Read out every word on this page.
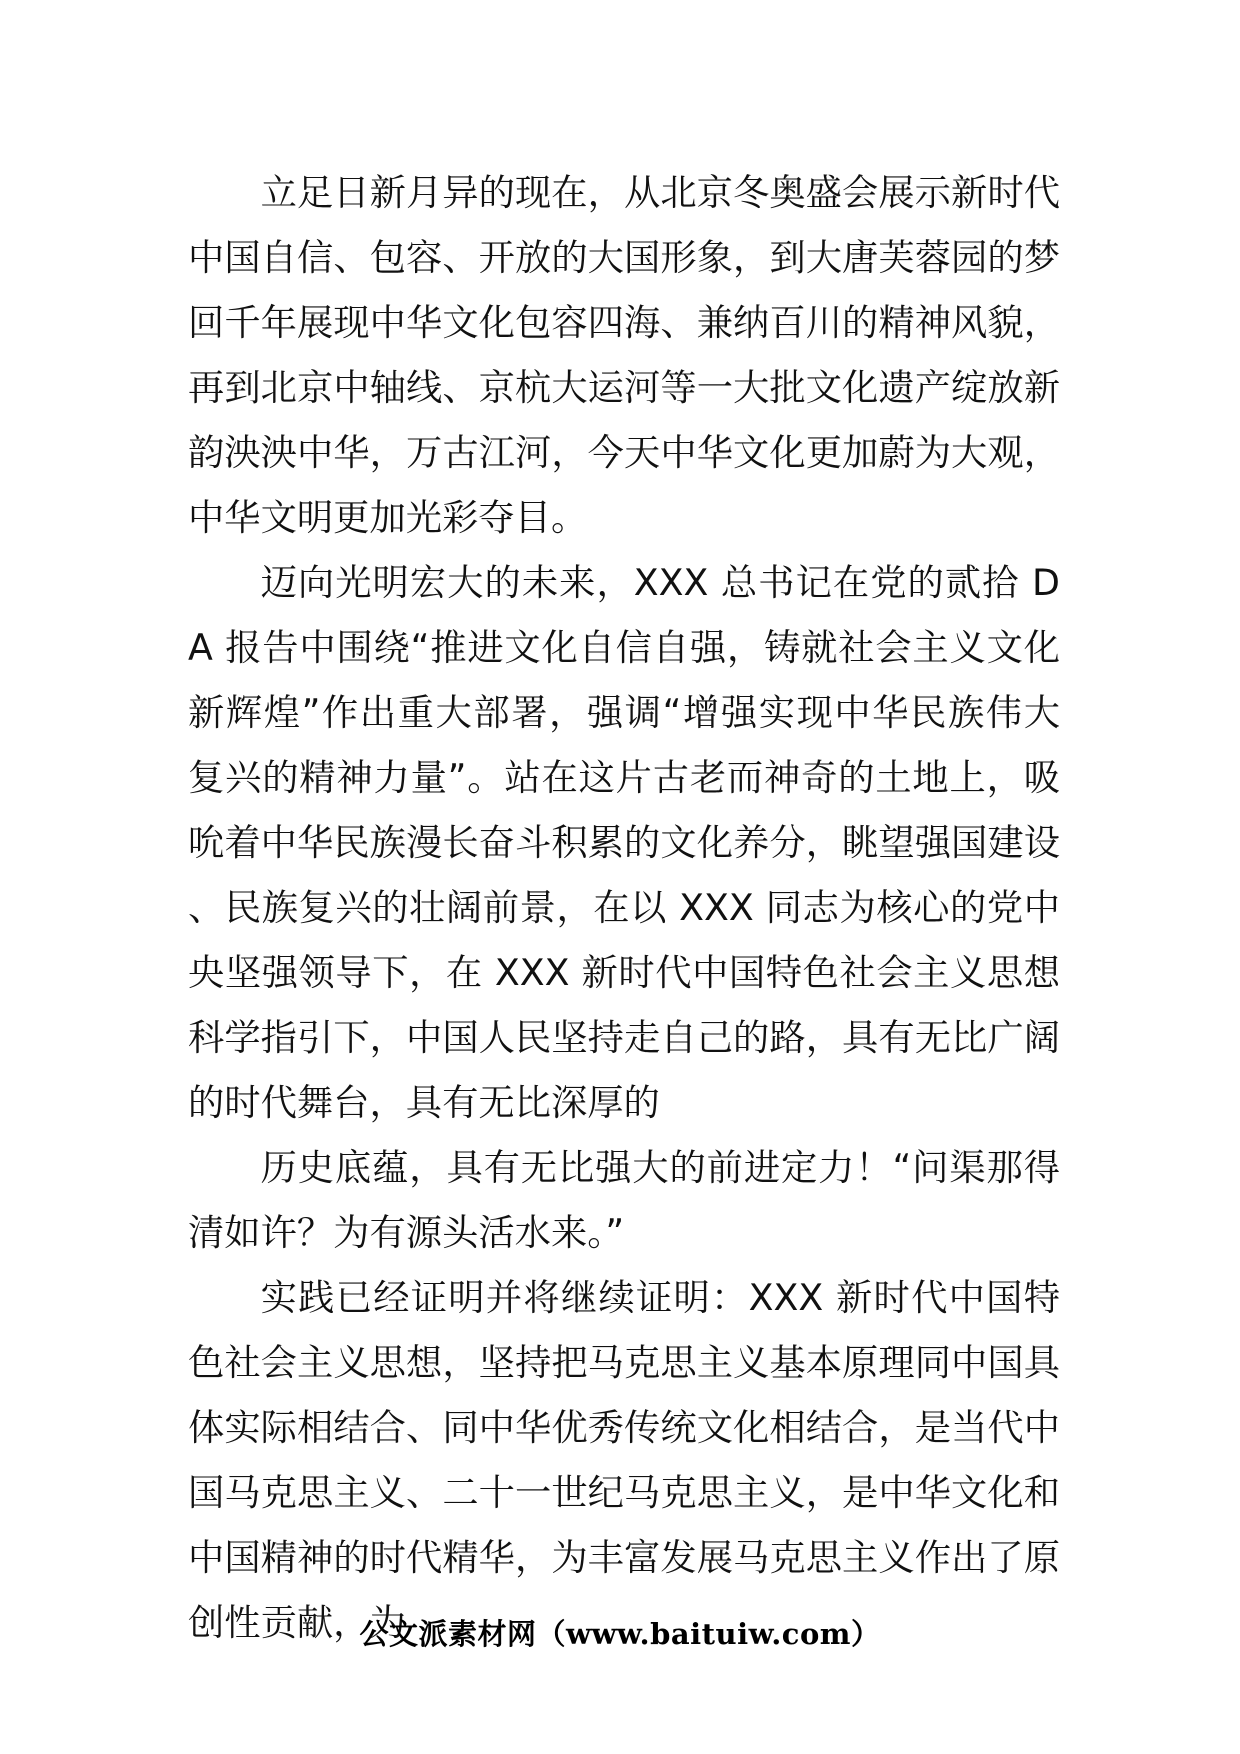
立足日新月异的现在，从北京冬奥盛会展示新时代中国自信、包容、开放的大国形象，到大唐芙蓉园的梦回千年展现中华文化包容四海、兼纳百川的精神风貌，再到北京中轴线、京杭大运河等一大批文化遗产绽放新韵泱泱中华，万古江河，今天中华文化更加蔚为大观，中华文明更加光彩夺目。

迈向光明宏大的未来，XXX 总书记在党的贰拾 DA 报告中围绕“推进文化自信自强，铸就社会主义文化新辉煌”作出重大部署，强调“增强实现中华民族伟大复兴的精神力量”。站在这片古老而神奇的土地上，吸吮着中华民族漫长奋斗积累的文化养分，眺望强国建设、民族复兴的壮阔前景，在以 XXX 同志为核心的党中央坚强领导下，在 XXX 新时代中国特色社会主义思想科学指引下，中国人民坚持走自己的路，具有无比广阔的时代舞台，具有无比深厚的

历史底蕴，具有无比强大的前进定力！“问渠那得清如许？为有源头活水来。”

实践已经证明并将继续证明：XXX 新时代中国特色社会主义思想，坚持把马克思主义基本原理同中国具体实际相结合、同中华优秀传统文化相结合，是当代中国马克思主义、二十一世纪马克思主义，是中华文化和中国精神的时代精华，为丰富发展马克思主义作出了原创性贡献，为

公文派素材网（www.baituiw.com）
